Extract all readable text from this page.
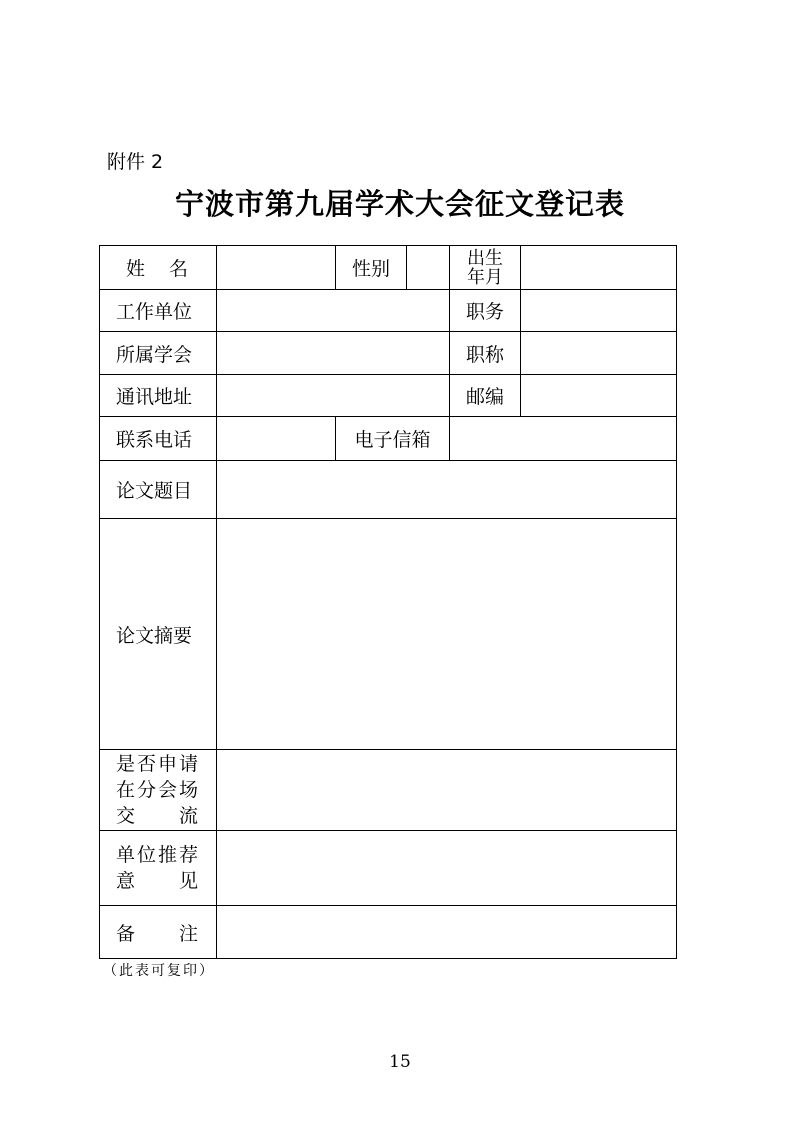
附件 2
宁波市第九届学术大会征文登记表
姓名		性别		出生
年月	

工作单位				职务	
所属学会				职称	
通讯地址				邮编	
联系电话		电子信箱			
论文题目					
论文摘要					

是否申请
在分会场
交流					

单位推荐
意见					

备注					
（此表可复印）
15
